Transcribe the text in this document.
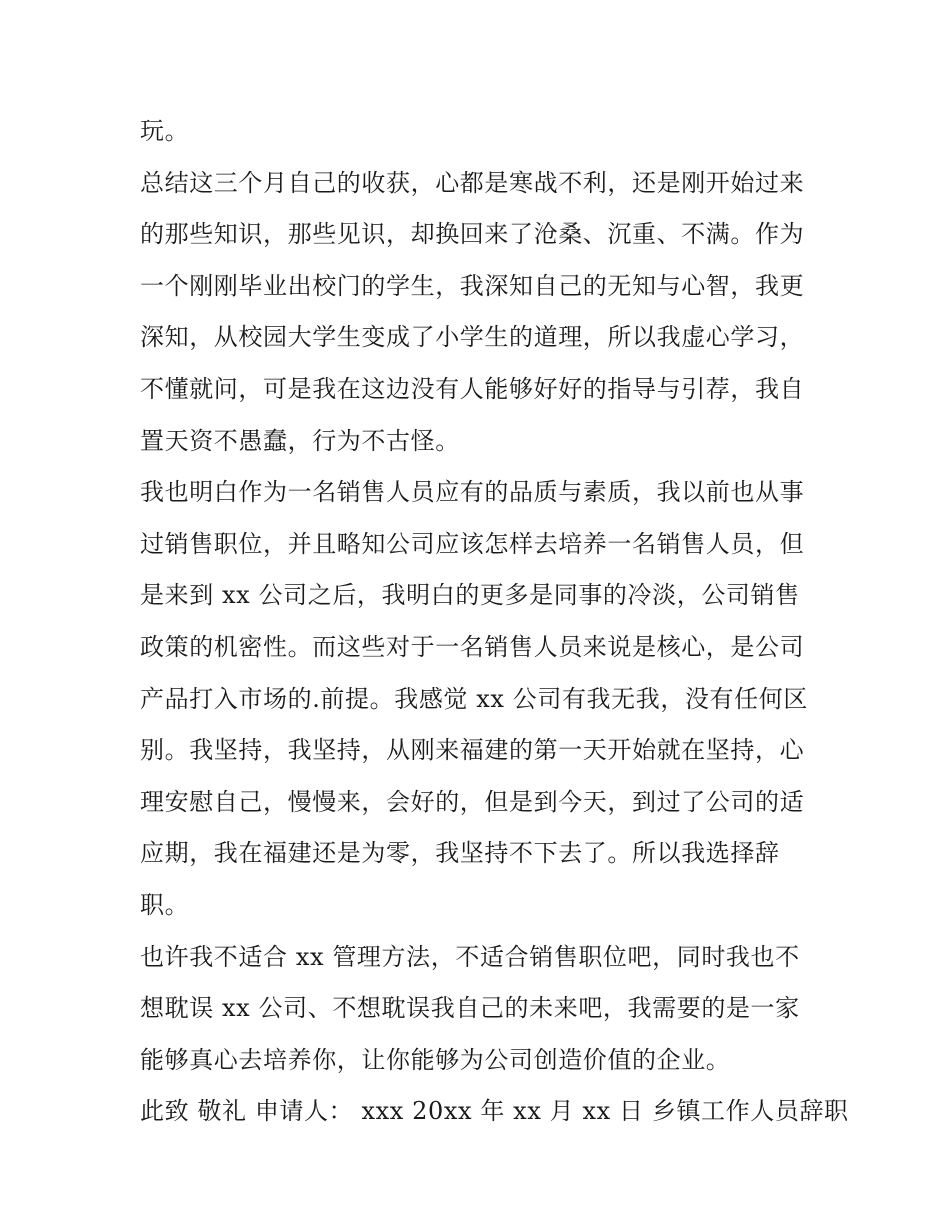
玩。
总结这三个月自己的收获，心都是寒战不利，还是刚开始过来
的那些知识，那些见识，却换回来了沧桑、沉重、不满。作为
一个刚刚毕业出校门的学生，我深知自己的无知与心智，我更
深知，从校园大学生变成了小学生的道理，所以我虚心学习，
不懂就问，可是我在这边没有人能够好好的指导与引荐，我自
置天资不愚蠢，行为不古怪。
我也明白作为一名销售人员应有的品质与素质，我以前也从事
过销售职位，并且略知公司应该怎样去培养一名销售人员，但
是来到 xx 公司之后，我明白的更多是同事的冷淡，公司销售
政策的机密性。而这些对于一名销售人员来说是核心，是公司
产品打入市场的.前提。我感觉 xx 公司有我无我，没有任何区
别。我坚持，我坚持，从刚来福建的第一天开始就在坚持，心
理安慰自己，慢慢来，会好的，但是到今天，到过了公司的适
应期，我在福建还是为零，我坚持不下去了。所以我选择辞
职。
也许我不适合 xx 管理方法，不适合销售职位吧，同时我也不
想耽误 xx 公司、不想耽误我自己的未来吧，我需要的是一家
能够真心去培养你，让你能够为公司创造价值的企业。
此致 敬礼 申请人： xxx 20xx 年 xx 月 xx 日 乡镇工作人员辞职
